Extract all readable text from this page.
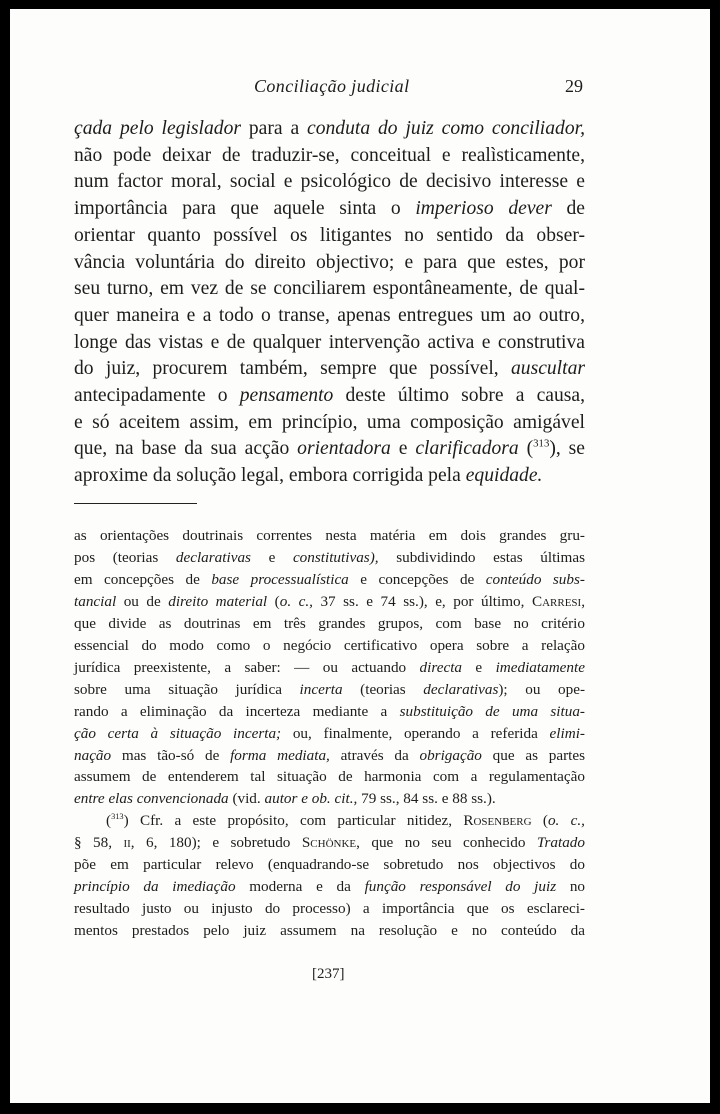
Conciliação judicial	29
çada pelo legislador para a conduta do juiz como conciliador,
não pode deixar de traduzir-se, conceitual e realìsticamente,
num factor moral, social e psicológico de decisivo interesse e
importância para que aquele sinta o imperioso dever de
orientar quanto possível os litigantes no sentido da obser-
vância voluntária do direito objectivo; e para que estes, por
seu turno, em vez de se conciliarem espontâneamente, de qual-
quer maneira e a todo o transe, apenas entregues um ao outro,
longe das vistas e de qualquer intervenção activa e construtiva
do juiz, procurem também, sempre que possível, auscultar
antecipadamente o pensamento deste último sobre a causa,
e só aceitem assim, em princípio, uma composição amigável
que, na base da sua acção orientadora e clarificadora ($^{313}$), se
aproxime da solução legal, embora corrigida pela equidade.
as orientações doutrinais correntes nesta matéria em dois grandes gru-
pos (teorias declarativas e constitutivas), subdividindo estas últimas
em concepções de base processualística e concepções de conteúdo subs-
tancial ou de direito material (o. c., 37 ss. e 74 ss.), e, por último, Carresi,
que divide as doutrinas em três grandes grupos, com base no critério
essencial do modo como o negócio certificativo opera sobre a relação
jurídica preexistente, a saber: — ou actuando directa e imediatamente
sobre uma situação jurídica incerta (teorias declarativas); ou ope-
rando a eliminação da incerteza mediante a substituição de uma situa-
ção certa à situação incerta; ou, finalmente, operando a referida elimi-
nação mas tão-só de forma mediata, através da obrigação que as partes
assumem de entenderem tal situação de harmonia com a regulamentação
entre elas convencionada (vid. autor e ob. cit., 79 ss., 84 ss. e 88 ss.).
($^{313}$) Cfr. a este propósito, com particular nitidez, Rosenberg (o. c.,
§ 58, ii, 6, 180); e sobretudo Schönke, que no seu conhecido Tratado
põe em particular relevo (enquadrando-se sobretudo nos objectivos do
princípio da imediação moderna e da função responsável do juiz no
resultado justo ou injusto do processo) a importância que os esclareci-
mentos prestados pelo juiz assumem na resolução e no conteúdo da
[237]
